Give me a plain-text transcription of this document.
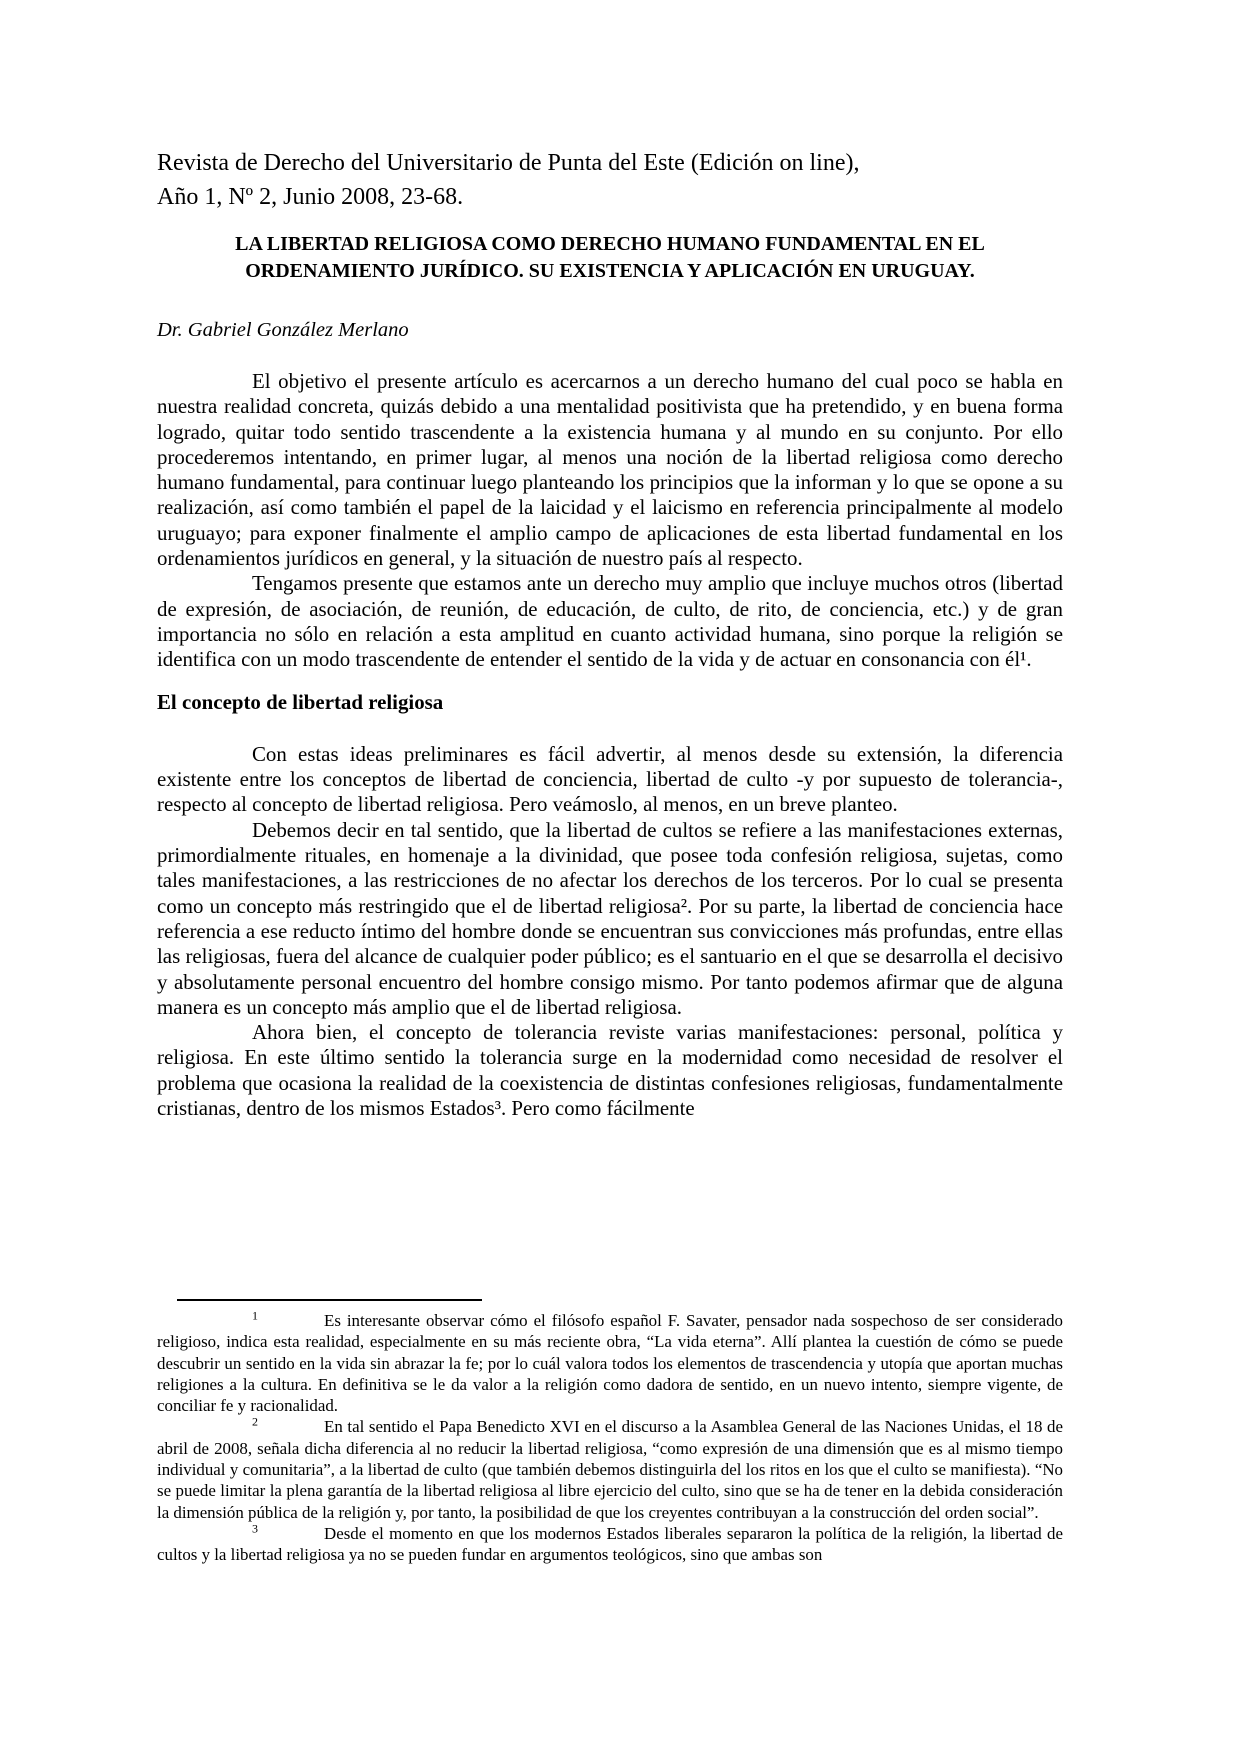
Revista de Derecho del Universitario de Punta del Este (Edición on line),
Año 1, Nº 2, Junio 2008, 23-68.
LA LIBERTAD RELIGIOSA COMO DERECHO HUMANO FUNDAMENTAL EN EL
ORDENAMIENTO JURÍDICO. SU EXISTENCIA Y APLICACIÓN EN URUGUAY.
Dr. Gabriel González Merlano

El objetivo el presente artículo es acercarnos a un derecho humano del cual poco se habla en nuestra realidad concreta, quizás debido a una mentalidad positivista que ha pretendido, y en buena forma logrado, quitar todo sentido trascendente a la existencia humana y al mundo en su conjunto. Por ello procederemos intentando, en primer lugar, al menos una noción de la libertad religiosa como derecho humano fundamental, para continuar luego planteando los principios que la informan y lo que se opone a su realización, así como también el papel de la laicidad y el laicismo en referencia principalmente al modelo uruguayo; para exponer finalmente el amplio campo de aplicaciones de esta libertad fundamental en los ordenamientos jurídicos en general, y la situación de nuestro país al respecto.

Tengamos presente que estamos ante un derecho muy amplio que incluye muchos otros (libertad de expresión, de asociación, de reunión, de educación, de culto, de rito, de conciencia, etc.) y de gran importancia no sólo en relación a esta amplitud en cuanto actividad humana, sino porque la religión se identifica con un modo trascendente de entender el sentido de la vida y de actuar en consonancia con él¹.

El concepto de libertad religiosa

Con estas ideas preliminares es fácil advertir, al menos desde su extensión, la diferencia existente entre los conceptos de libertad de conciencia, libertad de culto -y por supuesto de tolerancia-, respecto al concepto de libertad religiosa. Pero veámoslo, al menos, en un breve planteo.

Debemos decir en tal sentido, que la libertad de cultos se refiere a las manifestaciones externas, primordialmente rituales, en homenaje a la divinidad, que posee toda confesión religiosa, sujetas, como tales manifestaciones, a las restricciones de no afectar los derechos de los terceros. Por lo cual se presenta como un concepto más restringido que el de libertad religiosa². Por su parte, la libertad de conciencia hace referencia a ese reducto íntimo del hombre donde se encuentran sus convicciones más profundas, entre ellas las religiosas, fuera del alcance de cualquier poder público; es el santuario en el que se desarrolla el decisivo y absolutamente personal encuentro del hombre consigo mismo. Por tanto podemos afirmar que de alguna manera es un concepto más amplio que el de libertad religiosa.

Ahora bien, el concepto de tolerancia reviste varias manifestaciones: personal, política y religiosa. En este último sentido la tolerancia surge en la modernidad como necesidad de resolver el problema que ocasiona la realidad de la coexistencia de distintas confesiones religiosas, fundamentalmente cristianas, dentro de los mismos Estados³. Pero como fácilmente

$^1$	Es interesante observar cómo el filósofo español F. Savater, pensador nada sospechoso de ser considerado religioso, indica esta realidad, especialmente en su más reciente obra, “La vida eterna”. Allí plantea la cuestión de cómo se puede descubrir un sentido en la vida sin abrazar la fe; por lo cuál valora todos los elementos de trascendencia y utopía que aportan muchas religiones a la cultura. En definitiva se le da valor a la religión como dadora de sentido, en un nuevo intento, siempre vigente, de conciliar fe y racionalidad.

$^2$	En tal sentido el Papa Benedicto XVI en el discurso a la Asamblea General de las Naciones Unidas, el 18 de abril de 2008, señala dicha diferencia al no reducir la libertad religiosa, “como expresión de una dimensión que es al mismo tiempo individual y comunitaria”, a la libertad de culto (que también debemos distinguirla del los ritos en los que el culto se manifiesta). “No se puede limitar la plena garantía de la libertad religiosa al libre ejercicio del culto, sino que se ha de tener en la debida consideración la dimensión pública de la religión y, por tanto, la posibilidad de que los creyentes contribuyan a la construcción del orden social”.

$^3$	Desde el momento en que los modernos Estados liberales separaron la política de la religión, la libertad de cultos y la libertad religiosa ya no se pueden fundar en argumentos teológicos, sino que ambas son
